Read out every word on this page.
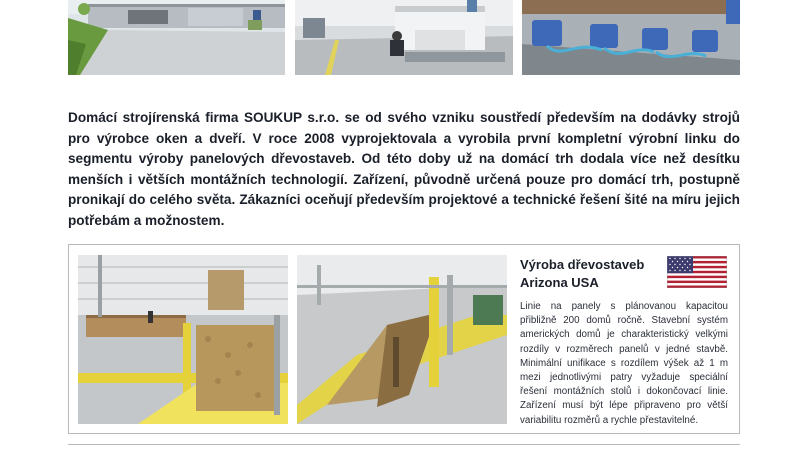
Domácí strojírenská firma SOUKUP s.r.o. se od svého vzniku soustředí především na dodávky strojů pro výrobce oken a dveří. V roce 2008 vyprojektovala a vyrobila první kompletní výrobní linku do segmentu výroby panelových dřevostaveb. Od této doby už na domácí trh dodala více než desítku menších i větších montážních technologií. Zařízení, původně určená pouze pro domácí trh, postupně pronikají do celého světa. Zákazníci oceňují především projektové a technické řešení šité na míru jejich potřebám a možnostem.

Výroba dřevostaveb
Arizona USA

Linie na panely s plánovanou kapacitou přibližně 200 domů ročně. Stavební systém amerických domů je charakteristický velkými rozdíly v rozměrech panelů v jedné stavbě. Minimální unifikace s rozdílem výšek až 1 m mezi jednotlivými patry vyžaduje speciální řešení montážních stolů i dokončovací linie. Zařízení musí být lépe připraveno pro větší variabilitu rozměrů a rychle přestavitelné.
